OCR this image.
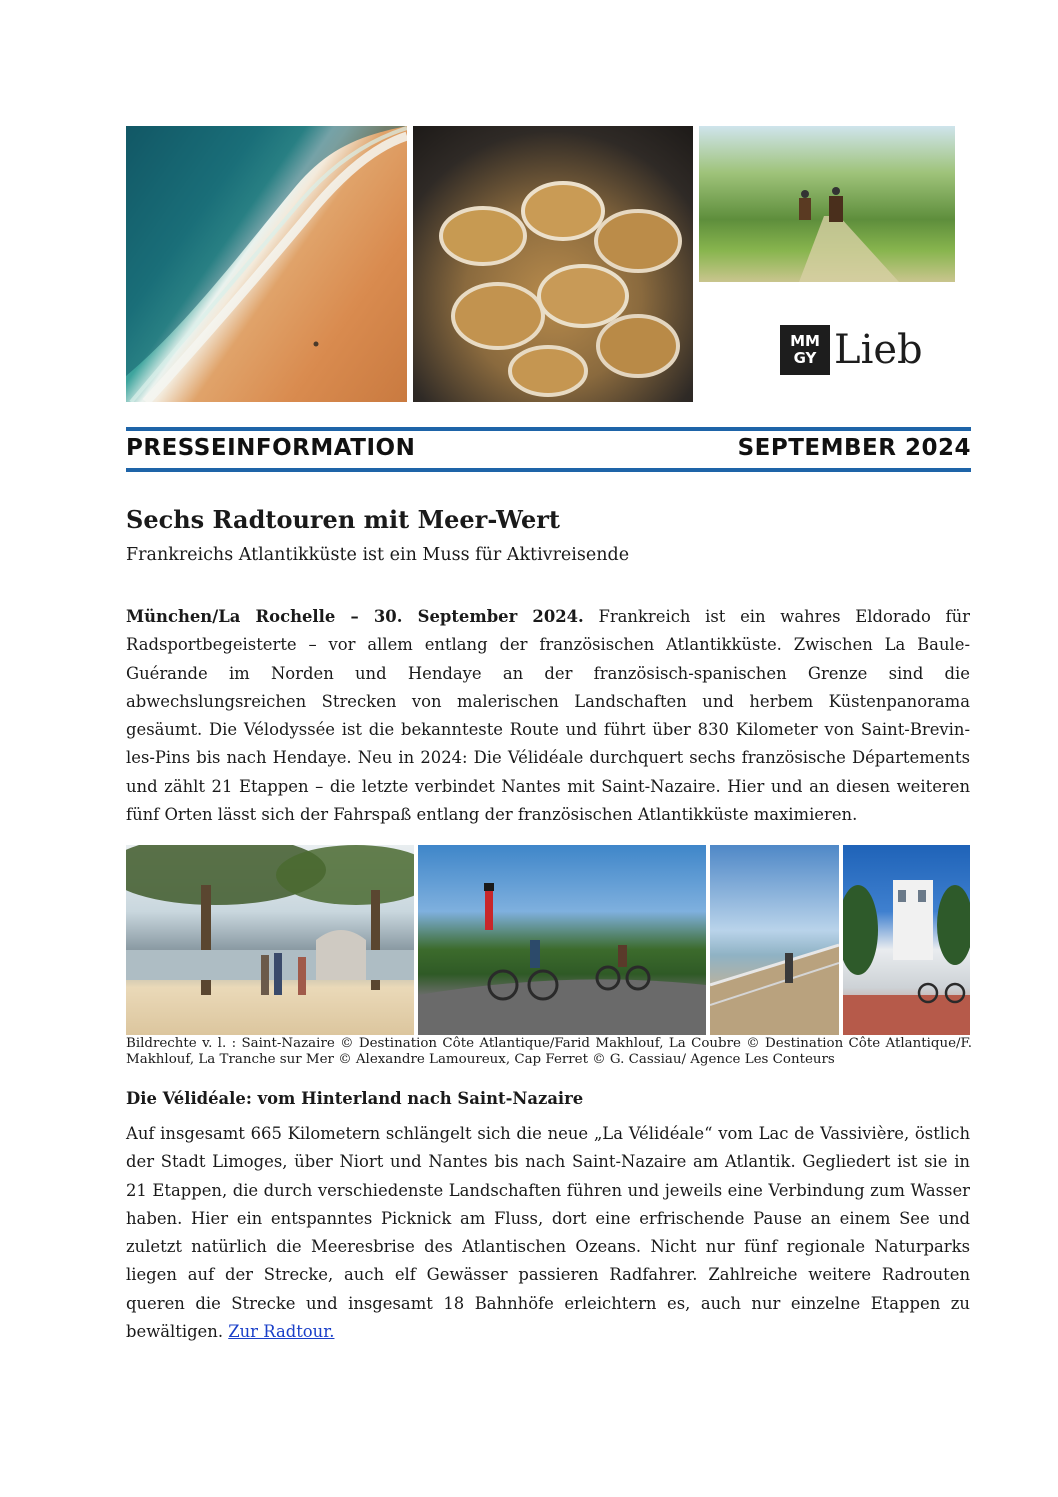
MM
GY Lieb
PRESSEINFORMATION	SEPTEMBER 2024
Sechs Radtouren mit Meer-Wert
Frankreichs Atlantikküste ist ein Muss für Aktivreisende

München/La Rochelle – 30. September 2024. Frankreich ist ein wahres Eldorado für Radsportbegeisterte – vor allem entlang der französischen Atlantikküste. Zwischen La Baule-Guérande im Norden und Hendaye an der französisch-spanischen Grenze sind die abwechslungsreichen Strecken von malerischen Landschaften und herbem Küstenpanorama gesäumt. Die Vélodyssée ist die bekannteste Route und führt über 830 Kilometer von Saint-Brevin-les-Pins bis nach Hendaye. Neu in 2024: Die Vélidéale durchquert sechs französische Départements und zählt 21 Etappen – die letzte verbindet Nantes mit Saint-Nazaire. Hier und an diesen weiteren fünf Orten lässt sich der Fahrspaß entlang der französischen Atlantikküste maximieren.

Bildrechte v. l. : Saint-Nazaire © Destination Côte Atlantique/Farid Makhlouf, La Coubre © Destination Côte Atlantique/F. Makhlouf, La Tranche sur Mer © Alexandre Lamoureux, Cap Ferret © G. Cassiau/ Agence Les Conteurs

Die Vélidéale: vom Hinterland nach Saint-Nazaire

Auf insgesamt 665 Kilometern schlängelt sich die neue „La Vélidéale“ vom Lac de Vassivière, östlich der Stadt Limoges, über Niort und Nantes bis nach Saint-Nazaire am Atlantik. Gegliedert ist sie in 21 Etappen, die durch verschiedenste Landschaften führen und jeweils eine Verbindung zum Wasser haben. Hier ein entspanntes Picknick am Fluss, dort eine erfrischende Pause an einem See und zuletzt natürlich die Meeresbrise des Atlantischen Ozeans. Nicht nur fünf regionale Naturparks liegen auf der Strecke, auch elf Gewässer passieren Radfahrer. Zahlreiche weitere Radrouten queren die Strecke und insgesamt 18 Bahnhöfe erleichtern es, auch nur einzelne Etappen zu bewältigen. Zur Radtour.
